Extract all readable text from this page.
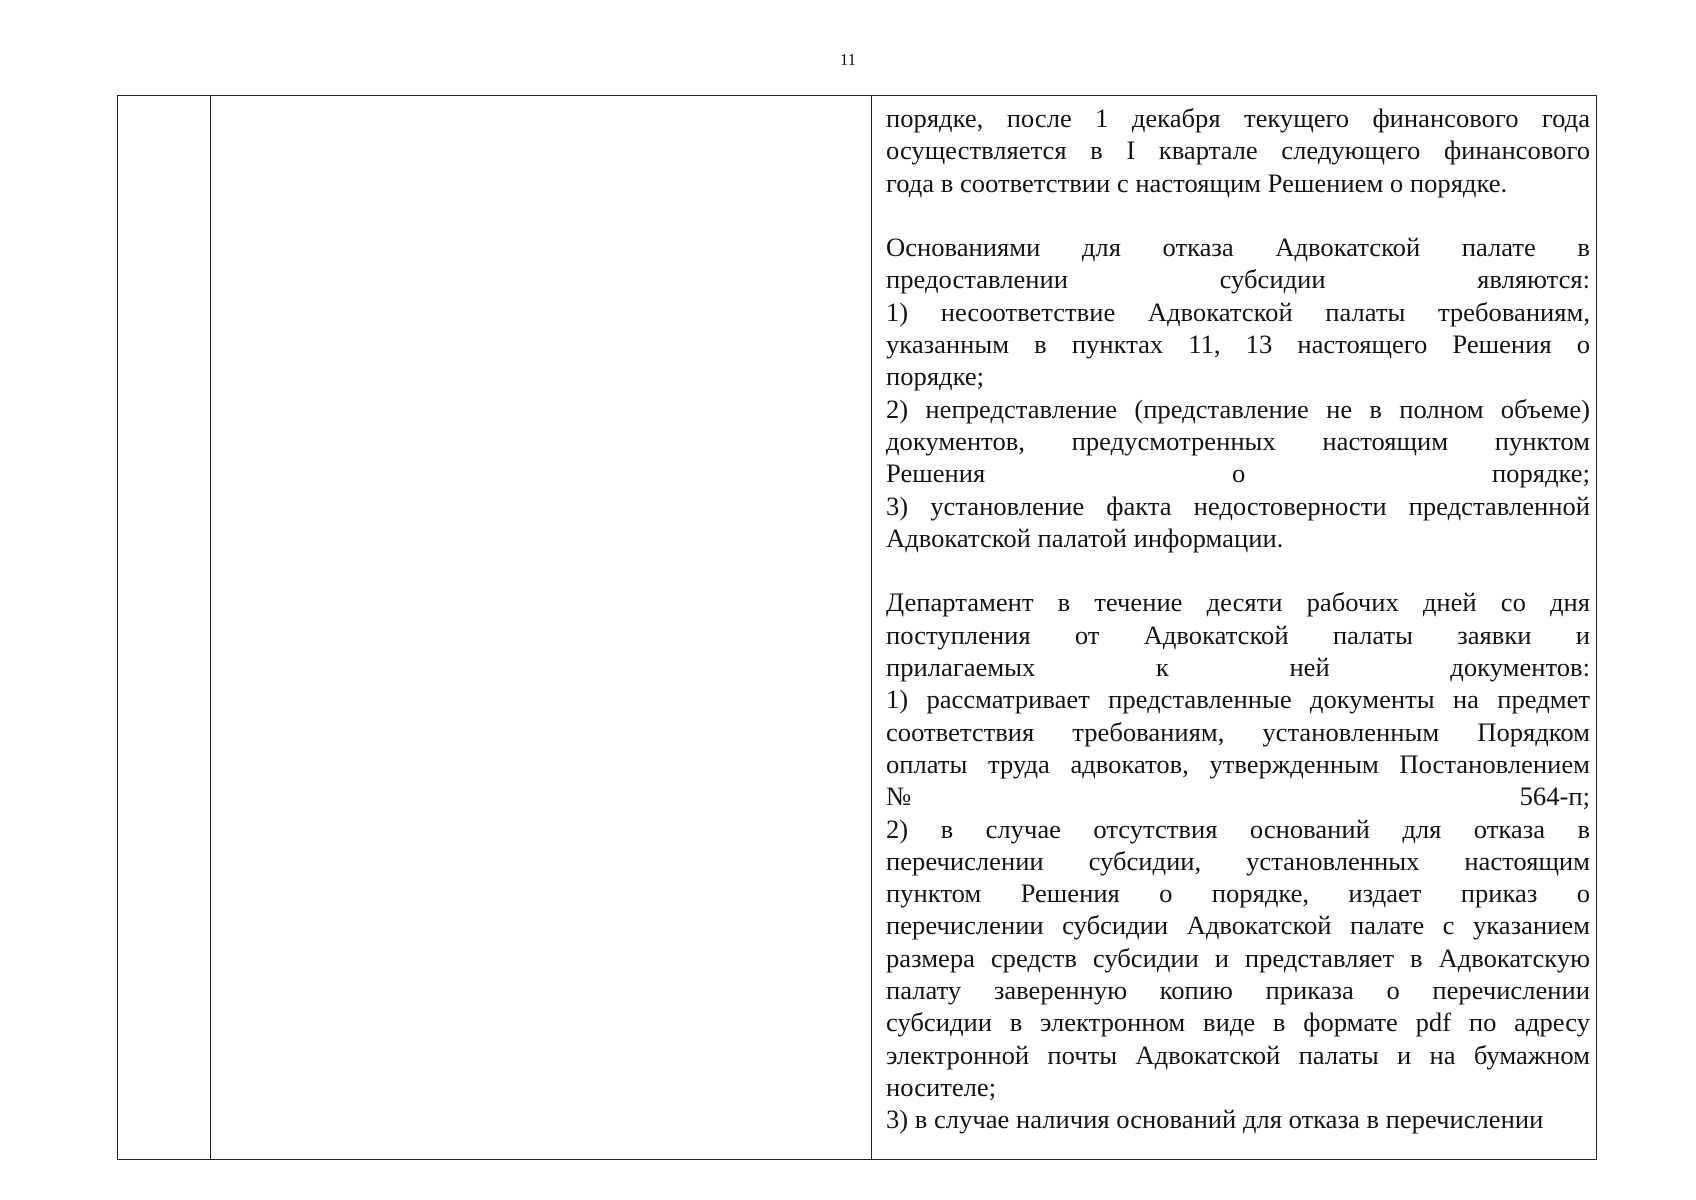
11
порядке, после 1 декабря текущего финансового года
осуществляется в I квартале следующего финансового
года в соответствии с настоящим Решением о порядке.
Основаниями для отказа Адвокатской палате в
предоставлении субсидии являются:
1) несоответствие Адвокатской палаты требованиям,
указанным в пунктах 11, 13 настоящего Решения о
порядке;
2) непредставление (представление не в полном объеме)
документов, предусмотренных настоящим пунктом
Решения о порядке;
3) установление факта недостоверности представленной
Адвокатской палатой информации.
Департамент в течение десяти рабочих дней со дня
поступления от Адвокатской палаты заявки и
прилагаемых к ней документов:
1) рассматривает представленные документы на предмет
соответствия требованиям, установленным Порядком
оплаты труда адвокатов, утвержденным Постановлением
№ 564-п;
2) в случае отсутствия оснований для отказа в
перечислении субсидии, установленных настоящим
пунктом Решения о порядке, издает приказ о
перечислении субсидии Адвокатской палате с указанием
размера средств субсидии и представляет в Адвокатскую
палату заверенную копию приказа о перечислении
субсидии в электронном виде в формате pdf по адресу
электронной почты Адвокатской палаты и на бумажном
носителе;
3) в случае наличия оснований для отказа в перечислении
